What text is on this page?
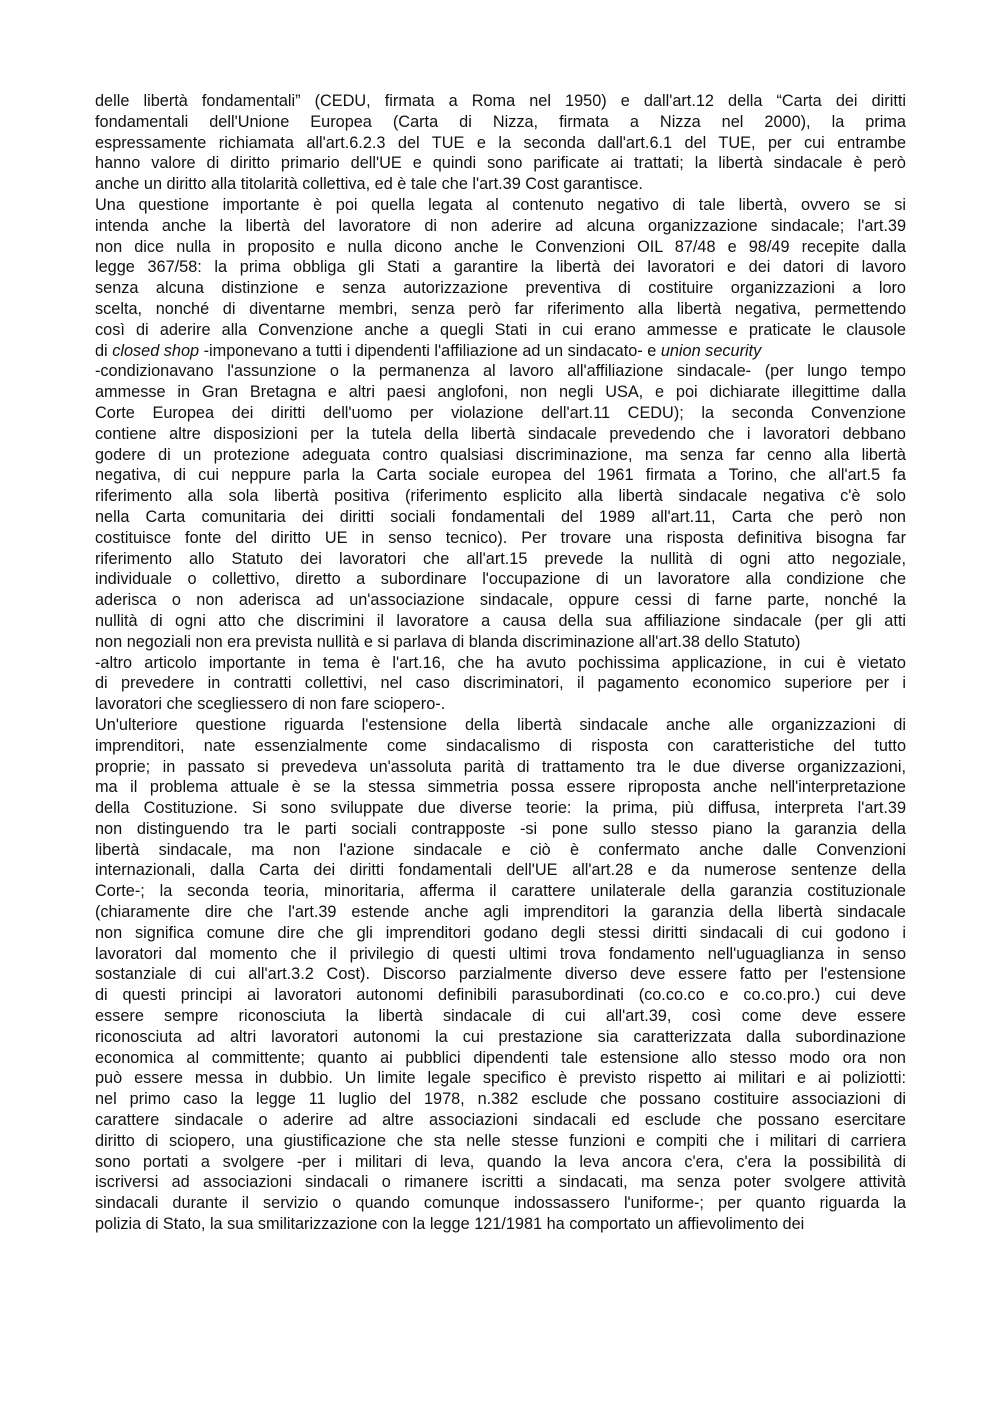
delle libertà fondamentali” (CEDU, firmata a Roma nel 1950) e dall'art.12 della “Carta dei diritti
fondamentali dell'Unione Europea (Carta di Nizza, firmata a Nizza nel 2000), la prima
espressamente richiamata all'art.6.2.3 del TUE e la seconda dall'art.6.1 del TUE, per cui entrambe
hanno valore di diritto primario dell'UE e quindi sono parificate ai trattati; la libertà sindacale è però
anche un diritto alla titolarità collettiva, ed è tale che l'art.39 Cost garantisce.
Una questione importante è poi quella legata al contenuto negativo di tale libertà, ovvero se si
intenda anche la libertà del lavoratore di non aderire ad alcuna organizzazione sindacale; l'art.39
non dice nulla in proposito e nulla dicono anche le Convenzioni OIL 87/48 e 98/49 recepite dalla
legge 367/58: la prima obbliga gli Stati a garantire la libertà dei lavoratori e dei datori di lavoro
senza alcuna distinzione e senza autorizzazione preventiva di costituire organizzazioni a loro
scelta, nonché di diventarne membri, senza però far riferimento alla libertà negativa, permettendo
così di aderire alla Convenzione anche a quegli Stati in cui erano ammesse e praticate le clausole
di closed shop -imponevano a tutti i dipendenti l'affiliazione ad un sindacato- e union security
-condizionavano l'assunzione o la permanenza al lavoro all'affiliazione sindacale- (per lungo tempo
ammesse in Gran Bretagna e altri paesi anglofoni, non negli USA, e poi dichiarate illegittime dalla
Corte Europea dei diritti dell'uomo per violazione dell'art.11 CEDU); la seconda Convenzione
contiene altre disposizioni per la tutela della libertà sindacale prevedendo che i lavoratori debbano
godere di un protezione adeguata contro qualsiasi discriminazione, ma senza far cenno alla libertà
negativa, di cui neppure parla la Carta sociale europea del 1961 firmata a Torino, che all'art.5 fa
riferimento alla sola libertà positiva (riferimento esplicito alla libertà sindacale negativa c'è solo
nella Carta comunitaria dei diritti sociali fondamentali del 1989 all'art.11, Carta che però non
costituisce fonte del diritto UE in senso tecnico). Per trovare una risposta definitiva bisogna far
riferimento allo Statuto dei lavoratori che all'art.15 prevede la nullità di ogni atto negoziale,
individuale o collettivo, diretto a subordinare l'occupazione di un lavoratore alla condizione che
aderisca o non aderisca ad un'associazione sindacale, oppure cessi di farne parte, nonché la
nullità di ogni atto che discrimini il lavoratore a causa della sua affiliazione sindacale (per gli atti
non negoziali non era prevista nullità e si parlava di blanda discriminazione all'art.38 dello Statuto)
-altro articolo importante in tema è l'art.16, che ha avuto pochissima applicazione, in cui è vietato
di prevedere in contratti collettivi, nel caso discriminatori, il pagamento economico superiore per i
lavoratori che scegliessero di non fare sciopero-.
Un'ulteriore questione riguarda l'estensione della libertà sindacale anche alle organizzazioni di
imprenditori, nate essenzialmente come sindacalismo di risposta con caratteristiche del tutto
proprie; in passato si prevedeva un'assoluta parità di trattamento tra le due diverse organizzazioni,
ma il problema attuale è se la stessa simmetria possa essere riproposta anche nell'interpretazione
della Costituzione. Si sono sviluppate due diverse teorie: la prima, più diffusa, interpreta l'art.39
non distinguendo tra le parti sociali contrapposte -si pone sullo stesso piano la garanzia della
libertà sindacale, ma non l'azione sindacale e ciò è confermato anche dalle Convenzioni
internazionali, dalla Carta dei diritti fondamentali dell'UE all'art.28 e da numerose sentenze della
Corte-; la seconda teoria, minoritaria, afferma il carattere unilaterale della garanzia costituzionale
(chiaramente dire che l'art.39 estende anche agli imprenditori la garanzia della libertà sindacale
non significa comune dire che gli imprenditori godano degli stessi diritti sindacali di cui godono i
lavoratori dal momento che il privilegio di questi ultimi trova fondamento nell'uguaglianza in senso
sostanziale di cui all'art.3.2 Cost). Discorso parzialmente diverso deve essere fatto per l'estensione
di questi principi ai lavoratori autonomi definibili parasubordinati (co.co.co e co.co.pro.) cui deve
essere sempre riconosciuta la libertà sindacale di cui all'art.39, così come deve essere
riconosciuta ad altri lavoratori autonomi la cui prestazione sia caratterizzata dalla subordinazione
economica al committente; quanto ai pubblici dipendenti tale estensione allo stesso modo ora non
può essere messa in dubbio. Un limite legale specifico è previsto rispetto ai militari e ai poliziotti:
nel primo caso la legge 11 luglio del 1978, n.382 esclude che possano costituire associazioni di
carattere sindacale o aderire ad altre associazioni sindacali ed esclude che possano esercitare
diritto di sciopero, una giustificazione che sta nelle stesse funzioni e compiti che i militari di carriera
sono portati a svolgere -per i militari di leva, quando la leva ancora c'era, c'era la possibilità di
iscriversi ad associazioni sindacali o rimanere iscritti a sindacati, ma senza poter svolgere attività
sindacali durante il servizio o quando comunque indossassero l'uniforme-; per quanto riguarda la
polizia di Stato, la sua smilitarizzazione con la legge 121/1981 ha comportato un affievolimento dei
